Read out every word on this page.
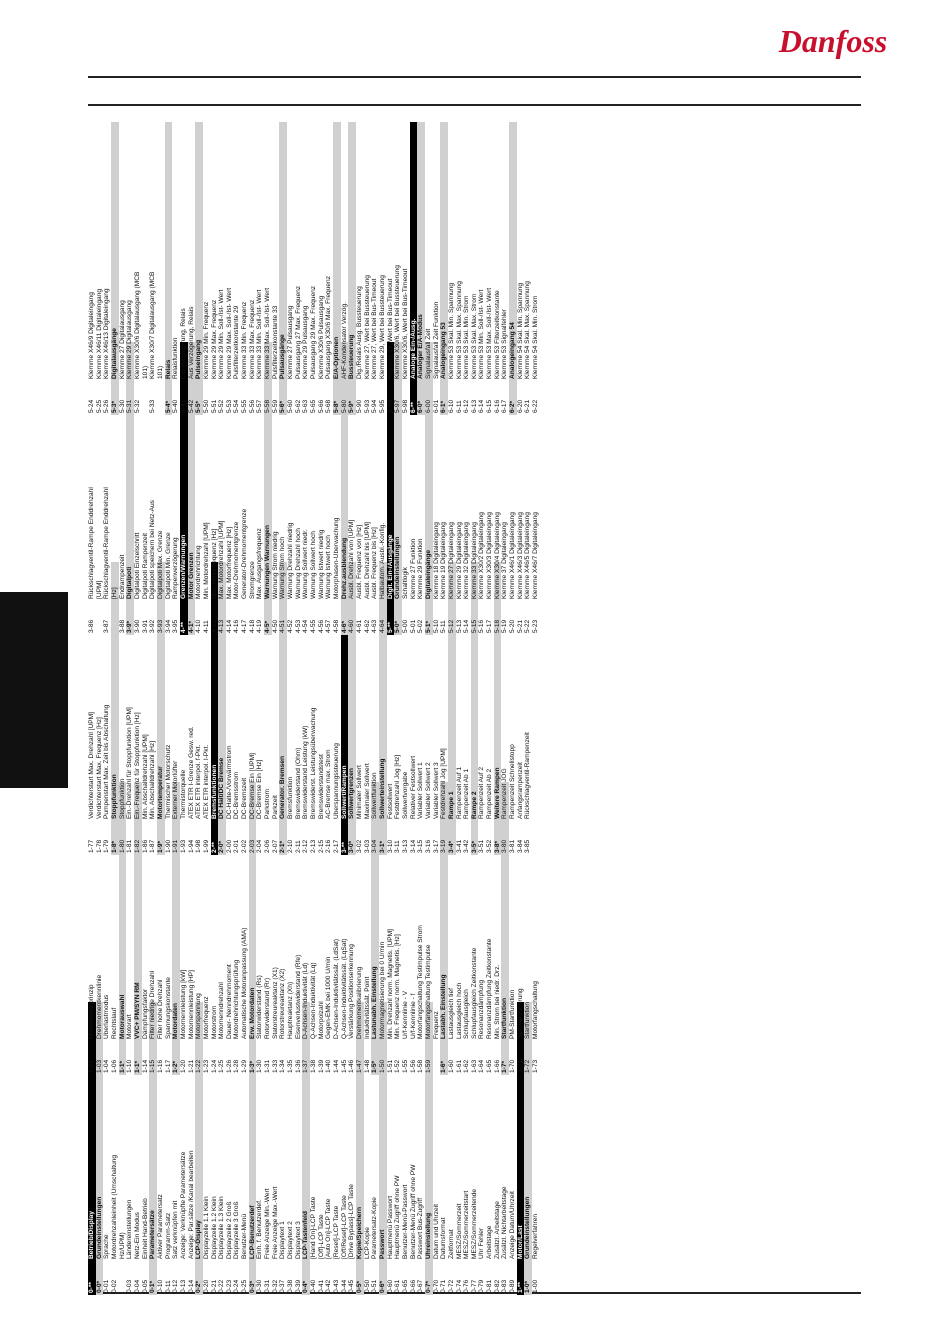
Danfoss
0-**
Betrieb/Display
0-0*
Grundeinstellungen
0-01
Sprache
0-02
Motordrehzahleinheit (Umschaltung Hz/UPM)
0-03
Ländereinstellungen
0-04
Netz-Ein Modus
0-05
Einheit Hand-Betrieb
0-1*
Parametersätze
0-10
Aktiver Parametersatz
0-11
Programm-Satz
0-12
Satz verknüpfen mit
0-13
Anzeige: Verknüpfte Parametersätze
0-14
Anzeige: Par.sätze /Kanal bearbeiten
0-2*
LCP-Display
0-20
Displayzeile 1.1 Klein
0-21
Displayzeile 1.2 Klein
0-22
Displayzeile 1.3 Klein
0-23
Displayzeile 2 Groß
0-24
Displayzeile 3 Groß
0-25
Benutzer-Menü
0-3*
LCP-Benutzerdef
0-30
Einh. f. Benutzerdef.
0-31
Freie Anzeige Min.-Wert
0-32
Freie Anzeige Max.-Wert
0-37
Displaytext 1
0-38
Displaytext 2
0-39
Displaytext 3
0-4*
LCP-Tastenfeld
0-40
[Hand On]-LCP Taste
0-41
[Off]-LCP Taste
0-42
[Auto On]-LCP Taste
0-43
[Reset]-LCP Taste
0-44
[Off/Reset]-LCP Taste
0-45
[Drive Bypass]-LCP Taste
0-5*
Kopie/Speichern
0-50
LCP-Kopie
0-51
Parametersatz-Kopie
0-6*
Passwort
0-60
Hauptmenü Passwort
0-61
Hauptmenü Zugriff ohne PW
0-65
Benutzer-Menü-Passwort
0-66
Benutzer-Menü Zugriff ohne PW
0-67
Passwort Bus-Zugriff
0-7*
Uhreinstellung
0-70
Datum und Uhrzeit
0-71
Datumsformat
0-72
Zeitformat
0-74
MESZ/Sommerzeit
0-76
MESZ/Sommerzeitstart
0-77
MESZ/Sommerzeitende
0-79
Uhr Fehler
0-81
Arbeitstage
0-82
Zusätzl. Arbeitstage
0-83
Zusätzl. Nichtarbeitstage
0-89
Anzeige Datum/Uhrzeit
1-**
Motor/Last
1-0*
Grundeinstellungen
1-00
Regelverfahren
1-01
Motorsteuerprinzip
1-03
Drehmomentkennlinie
1-04
Überlastmodus
1-06
Rechtslauf
1-1*
Motorauswahl
1-10
Motorart
1-1*
VVC+ PM/SYN RM
1-14
Dämpfungsfaktor
1-15
Filter niedrige Drehzahl
1-16
Filter hohe Drehzahl
1-17
Spannungskonstante
1-2*
Motordaten
1-20
Motornennleistung [kW]
1-21
Motornennleistung [HP]
1-22
Motorspannung
1-23
Motorfrequenz
1-24
Motorstrom
1-25
Motornenndrehzahl
1-26
Dauer- Nenndrehmoment
1-28
Motordrehrichtungsprüfung
1-29
Automatische Motoranpassung (AMA)
1-3*
Erw. Motordaten
1-30
Statorwiderstand (Rs)
1-31
Rotorwiderstand (Rr)
1-33
Statorstreureaktanz (X1)
1-34
Rotorstreureaktanz (X2)
1-35
Hauptreaktanz (Xh)
1-36
Eisenverlustwiderstand (Rfe)
1-37
D-Achsen-Induktivität (Ld)
1-38
Q-Achsen-Induktivität (Lq)
1-39
Motorpolzahl
1-40
Gegen-EMK bei 1000 U/min
1-44
D-Achsen-Induktivitätssät. (LdSat)
1-45
Q-Achsen-Induktivitätssät. (LqSat)
1-46
Verstärkung Positionserkennung
1-47
Drehmomentkalibrierung
1-48
Induktivitätssät. Point
1-5*
Lastunabh. Einstellung
1-50
Motormagnetisierung bei 0 U/min
1-51
Min. Drehzahl norm. Magnetis. [UPM]
1-52
Min. Frequenz norm. Magnetis. [Hz]
1-55
U/f-Kennlinie - V
1-56
U/f-Kennlinie - f
1-58
Motorfangschaltung Testimpulse Strom
1-59
Motorfangschaltung Testimpulse Frequenz
1-6*
Lastabh. Einstellung
1-60
Lastausgleich tief
1-61
Lastausgleich hoch
1-62
Schlupfausgleich
1-63
Schlupfausgleich Zeitkonstante
1-64
Resonanzdämpfung
1-65
Resonanzdämpfung Zeitkonstante
1-66
Min. Strom bei niedr. Drz.
1-7*
Startfunktion
1-70
PM-Startfunktion
1-71
Startverzögerung
1-72
Startfunktion
1-73
Motorfangschaltung
1-77
Verdichterstart Max. Drehzahl [UPM]
1-78
Verdichterstart Max. Frequenz [Hz]
1-79
Pumpenstart Max. Zeit bis Abschaltung
1-8*
Stoppfunktion
1-80
Stoppfunktion
1-81
Ein.-Drehzahl für Stoppfunktion [UPM]
1-82
Ein.-Frequenz für Stoppfunktion [Hz]
1-86
Min. Abschaltdrehzahl [UPM]
1-87
Min. Abschaltdrehzahl [Hz]
1-9*
Motortemperatur
1-90
Thermischer Motorschutz
1-91
Externer Motorlüfter
1-93
Thermistorquelle
1-94
ATEX ETR I-Grenze Gesw. red.
1-98
ATEX ETR interpol. f-Pkt.
1-99
ATEX ETR interpol. I-Pkt.
2-**
Bremsfunktionen
2-0*
DC Halt/DC Bremse
2-00
DC-Halte-/Vorwärmstrom
2-01
DC-Bremsstrom
2-02
DC-Bremszeit
2-03
DC-Bremse Ein [UPM]
2-04
DC-Bremse Ein [Hz]
2-06
Parkstrom
2-07
Parkzeit
2-1*
Generator. Bremsen
2-10
Bremsfunktion
2-11
Bremswiderstand (Ohm)
2-12
Bremswiderstand Leistung (kW)
2-13
Bremswiderst. Leistungsüberwachung
2-15
Bremswiderstandstest
2-16
AC-Bremse max. Strom
2-17
Überspannungssteuerung
3-**
Sollwert/Rampen
3-0*
Sollwertgrenzen
3-02
Minimaler Sollwert
3-03
Maximaler Sollwert
3-04
Sollwertfunktion
3-1*
Sollwerteinstellung
3-10
Festsollwert
3-11
Festdrehzahl Jog [Hz]
3-13
Sollwertvorgabe
3-14
Relativer Festsollwert
3-15
Variabler Sollwert 1
3-16
Variabler Sollwert 2
3-17
Variabler Sollwert 3
3-19
Festdrehzahl Jog [UPM]
3-4*
Rampe 1
3-41
Rampenzeit Auf 1
3-42
Rampenzeit Ab 1
3-5*
Rampe 2
3-51
Rampenzeit Auf 2
3-52
Rampenzeit Ab 2
3-8*
Weitere Rampen
3-80
Rampenzeit JOG
3-81
Rampenzeit Schnellstopp
3-84
Anfangsrampenzeit
3-85
Rückschlagventil-Rampenzeit
3-86
Rückschlagventil-Rampe Enddrehzahl [UPM]
3-87
Rückschlagventil-Rampe Enddrehzahl [Hz]
3-88
Endrampenzeit
3-9*
Digitalpoti
3-90
Digitalpoti Einzelschritt
3-91
Digitalpoti Rampenzeit
3-92
Digitalpoti speichern bei Netz-Aus
3-93
Digitalpoti Max. Grenze
3-94
Digitalpoti Min. Grenze
3-95
Rampenverzögerung
4-**
Grenzen/Warnungen
4-1*
Motor Grenzen
4-10
Motordrehrichtung
4-11
Min. Motordrehzahl [UPM]
4-12
Min. Motorfrequenz [Hz]
4-13
Max. Motordrehzahl [UPM]
4-14
Max. Motorfrequenz [Hz]
4-16
Motor-Drehmomentgrenze
4-17
Generator-Drehmomentgrenze
4-18
Stromgrenze
4-19
Max. Ausgangsfrequenz
4-5*
Warnungen Warnungen
4-50
Warnung Strom niedrig
4-51
Warnung Strom hoch
4-52
Warnung Drehzahl niedrig
4-53
Warnung Drehzahl hoch
4-54
Warnung Sollwert niedr.
4-55
Warnung Sollwert hoch
4-56
Warnung Istwert niedrig
4-57
Warnung Istwert hoch
4-58
Motorphasen-Überwachung
4-6*
Drehz.ausblendung
4-60
Ausbl. Drehzahl von [UPM]
4-61
Ausbl. Frequenz von [Hz]
4-62
Ausbl. Drehzahl bis [UPM]
4-63
Ausbl. Frequenz bis [Hz]
4-64
Halbautom. Ausbl.-Konfig.
5-**
Digit. Ein-/Ausgänge
5-0*
Grundeinstellungen
5-00
Schaltlogik
5-01
Klemme 27 Funktion
5-02
Klemme 29 Funktion
5-1*
Digitaleingänge
5-10
Klemme 18 Digitaleingang
5-11
Klemme 19 Digitaleingang
5-12
Klemme 27 Digitaleingang
5-13
Klemme 29 Digitaleingang
5-14
Klemme 32 Digitaleingang
5-15
Klemme 33 Digitaleingang
5-16
Klemme X30/2 Digitaleingang
5-17
Klemme X30/3 Digitaleingang
5-18
Klemme X30/4 Digitaleingang
5-19
Klemme 37 Digitaleingang
5-20
Klemme X46/1 Digitaleingang
5-21
Klemme X46/3 Digitaleingang
5-22
Klemme X46/5 Digitaleingang
5-23
Klemme X46/7 Digitaleingang
5-24
Klemme X46/9 Digitaleingang
5-25
Klemme X46/11 Digitaleingang
5-26
Klemme X46/13 Digitaleingang
5-3*
Digitalausgänge
5-30
Klemme 27 Digitalausgang
5-31
Klemme 29 Digitalausgang
5-32
Klemme X30/6 Digitalausgang (MCB 101)
5-33
Klemme X30/7 Digitalausgang (MCB 101)
5-4*
Relais
5-40
Relaisfunktion
5-41
Ein Verzögerung, Relais
5-42
Aus Verzögerung, Relais
5-5*
Pulseingang
5-50
Klemme 29 Min. Frequenz
5-51
Klemme 29 Max. Frequenz
5-52
Klemme 29 Min. Soll-/Ist- Wert
5-53
Klemme 29 Max. Soll-/Ist- Wert
5-54
Pulsfilterzeitkonstante 29
5-55
Klemme 33 Min. Frequenz
5-56
Klemme 33 Max. Frequenz
5-57
Klemme 33 Min. Soll-/Ist- Wert
5-58
Klemme 33 Max. Soll-/Ist- Wert
5-59
Pulsfilterzeitkonstante 33
5-6*
Pulsausgänge
5-60
Klemme 27 Pulsausgang
5-62
Pulsausgang 27 Max. Frequenz
5-63
Klemme 29 Pulsausgang
5-65
Pulsausgang 29 Max. Frequenz
5-66
Klemme X30/6 Pulsausgang
5-68
Pulsausgang X30/6 Max. Frequenz
5-8*
E/A-Optionen
5-80
AHF-Kondensator Verzög.
5-9*
Bussteuerung
5-90
Dig./Relais Ausg. Bussteuerung
5-93
Klemme 27, Wert bei Bussteuerung
5-94
Klemme 27, Wert bei Bus-Timeout
5-95
Klemme 29, Wert bei Bussteuerung
5-96
Klemme 29, Wert bei Bus-Timeout
5-97
Klemme X30/6, Wert bei Bussteuerung
5-98
Klemme X30/6, Wert bei Bus-Timeout
6-**
Analoge Ein-/Ausg.
6-0*
Analoger E/A-Modus
6-00
Signalausfall Zeit
6-01
Signalausfall Zeit Funktion
6-1*
Analogeingang 53
6-10
Klemme 53 Skal. Min. Spannung
6-11
Klemme 53 Skal. Max. Spannung
6-12
Klemme 53 Skal. Min. Strom
6-13
Klemme 53 Skal. Max. Strom
6-14
Klemme 53 Min. Soll-/Ist- Wert
6-15
Klemme 53 Max. Soll-/Ist- Wert
6-16
Klemme 53 Filterzeitkonstante
6-17
Klemme 53 Signalfehler
6-2*
Analogeingang 54
6-20
Klemme 54 Skal. Min. Spannung
6-21
Klemme 54 Skal. Max. Spannung
6-22
Klemme 54 Skal. Min. Strom
